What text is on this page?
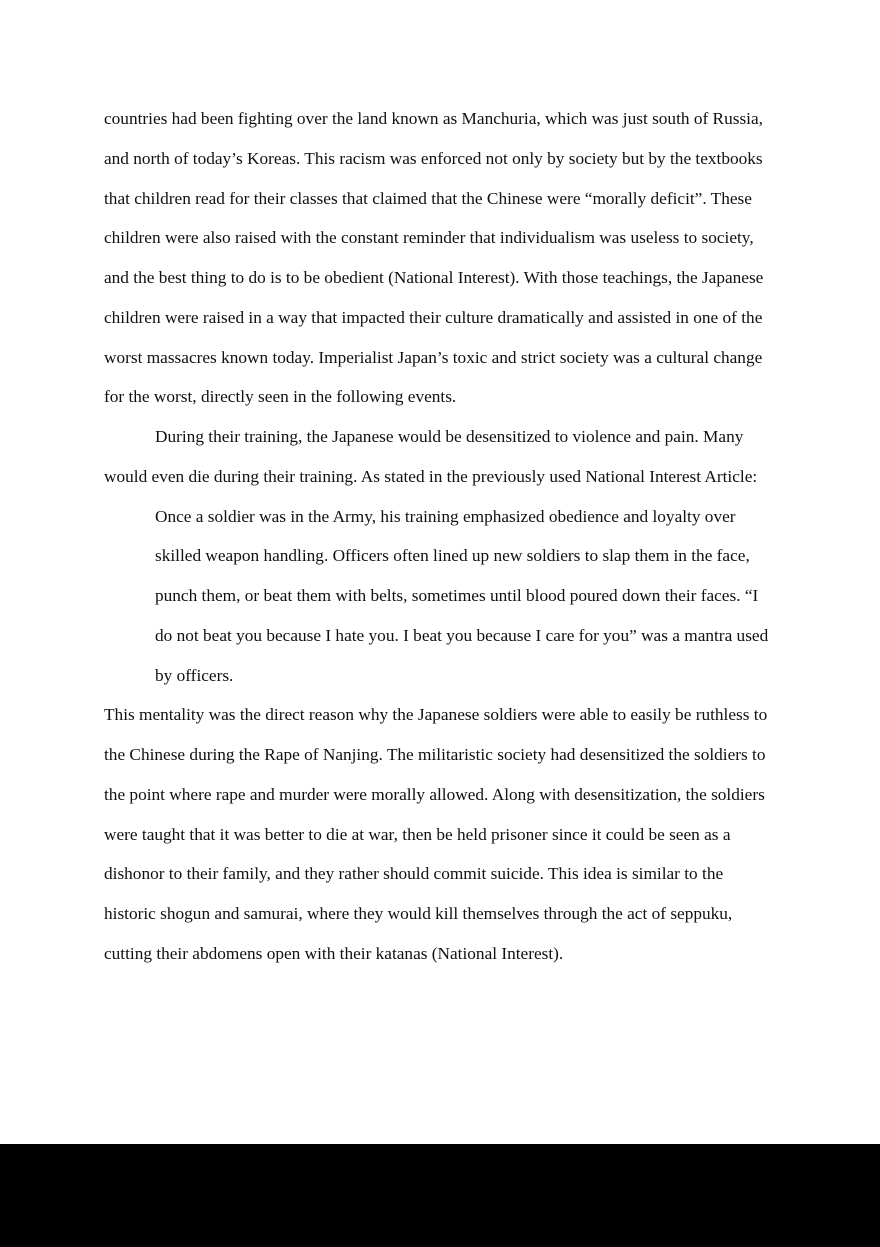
countries had been fighting over the land known as Manchuria, which was just south of Russia,
and north of today’s Koreas. This racism was enforced not only by society but by the textbooks
that children read for their classes that claimed that the Chinese were “morally deficit”. These
children were also raised with the constant reminder that individualism was useless to society,
and the best thing to do is to be obedient (National Interest). With those teachings, the Japanese
children were raised in a way that impacted their culture dramatically and assisted in one of the
worst massacres known today. Imperialist Japan’s toxic and strict society was a cultural change
for the worst, directly seen in the following events.
During their training, the Japanese would be desensitized to violence and pain. Many
would even die during their training. As stated in the previously used National Interest Article:
Once a soldier was in the Army, his training emphasized obedience and loyalty over
skilled weapon handling. Officers often lined up new soldiers to slap them in the face,
punch them, or beat them with belts, sometimes until blood poured down their faces. “I
do not beat you because I hate you. I beat you because I care for you” was a mantra used
by officers.
This mentality was the direct reason why the Japanese soldiers were able to easily be ruthless to
the Chinese during the Rape of Nanjing. The militaristic society had desensitized the soldiers to
the point where rape and murder were morally allowed. Along with desensitization, the soldiers
were taught that it was better to die at war, then be held prisoner since it could be seen as a
dishonor to their family, and they rather should commit suicide. This idea is similar to the
historic shogun and samurai, where they would kill themselves through the act of seppuku,
cutting their abdomens open with their katanas (National Interest).
